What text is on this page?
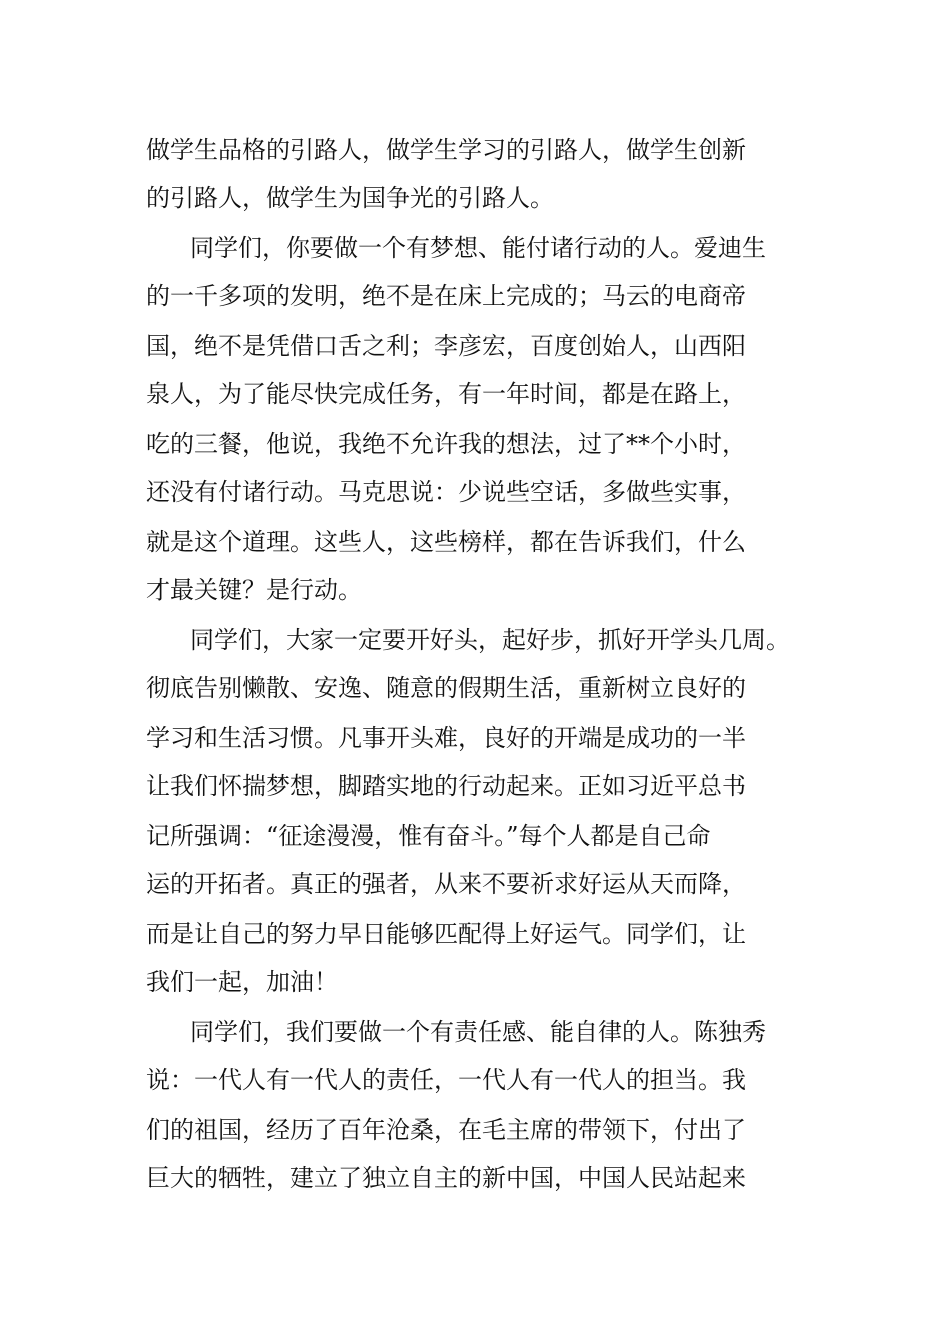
做学生品格的引路人，做学生学习的引路人，做学生创新
的引路人，做学生为国争光的引路人。
同学们，你要做一个有梦想、能付诸行动的人。爱迪生
的一千多项的发明，绝不是在床上完成的；马云的电商帝
国，绝不是凭借口舌之利；李彦宏，百度创始人，山西阳
泉人，为了能尽快完成任务，有一年时间，都是在路上，
吃的三餐，他说，我绝不允许我的想法，过了**个小时，
还没有付诸行动。马克思说：少说些空话，多做些实事，
就是这个道理。这些人，这些榜样，都在告诉我们，什么
才最关键？是行动。
同学们，大家一定要开好头，起好步，抓好开学头几周。
彻底告别懒散、安逸、随意的假期生活，重新树立良好的
学习和生活习惯。凡事开头难，良好的开端是成功的一半
让我们怀揣梦想，脚踏实地的行动起来。正如习近平总书
记所强调：“征途漫漫，惟有奋斗。”每个人都是自己命
运的开拓者。真正的强者，从来不要祈求好运从天而降，
而是让自己的努力早日能够匹配得上好运气。同学们，让
我们一起，加油！
同学们，我们要做一个有责任感、能自律的人。陈独秀
说：一代人有一代人的责任，一代人有一代人的担当。我
们的祖国，经历了百年沧桑，在毛主席的带领下，付出了
巨大的牺牲，建立了独立自主的新中国，中国人民站起来
